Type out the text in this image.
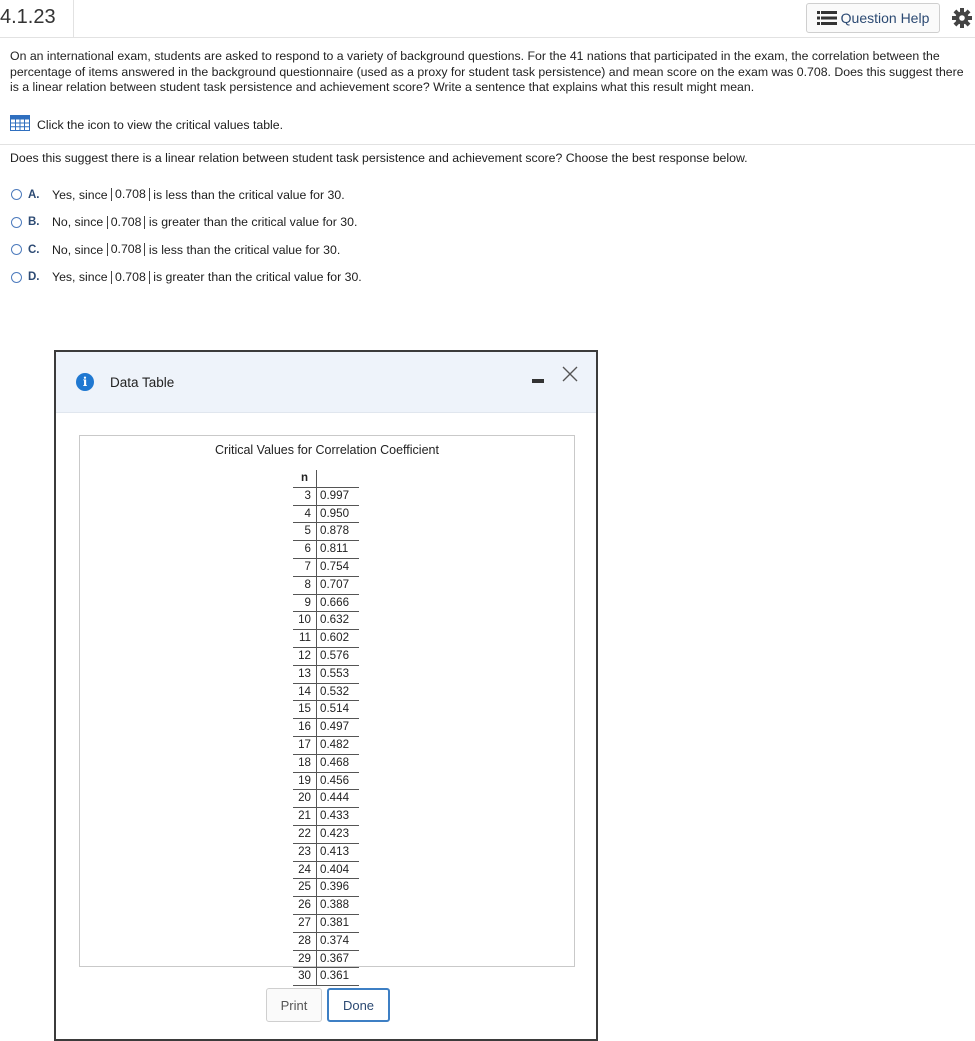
4.1.23	Question Help
On an international exam, students are asked to respond to a variety of background questions. For the 41 nations that participated in the exam, the correlation between the percentage of items answered in the background questionnaire (used as a proxy for student task persistence) and mean score on the exam was 0.708. Does this suggest there is a linear relation between student task persistence and achievement score? Write a sentence that explains what this result might mean.
Click the icon to view the critical values table.
Does this suggest there is a linear relation between student task persistence and achievement score? Choose the best response below.
A.	Yes, since
0.708
is less than the critical value for 30.
B.	No, since
0.708
is greater than the critical value for 30.
C.	No, since
0.708
is less than the critical value for 30.
D.	Yes, since
0.708
is greater than the critical value for 30.
i	Data Table
Critical Values for Correlation Coefficient
n	
3	0.997
4	0.950
5	0.878
6	0.811
7	0.754
8	0.707
9	0.666
10	0.632
11	0.602
12	0.576
13	0.553
14	0.532
15	0.514
16	0.497
17	0.482
18	0.468
19	0.456
20	0.444
21	0.433
22	0.423
23	0.413
24	0.404
25	0.396
26	0.388
27	0.381
28	0.374
29	0.367
30	0.361
Print	Done
